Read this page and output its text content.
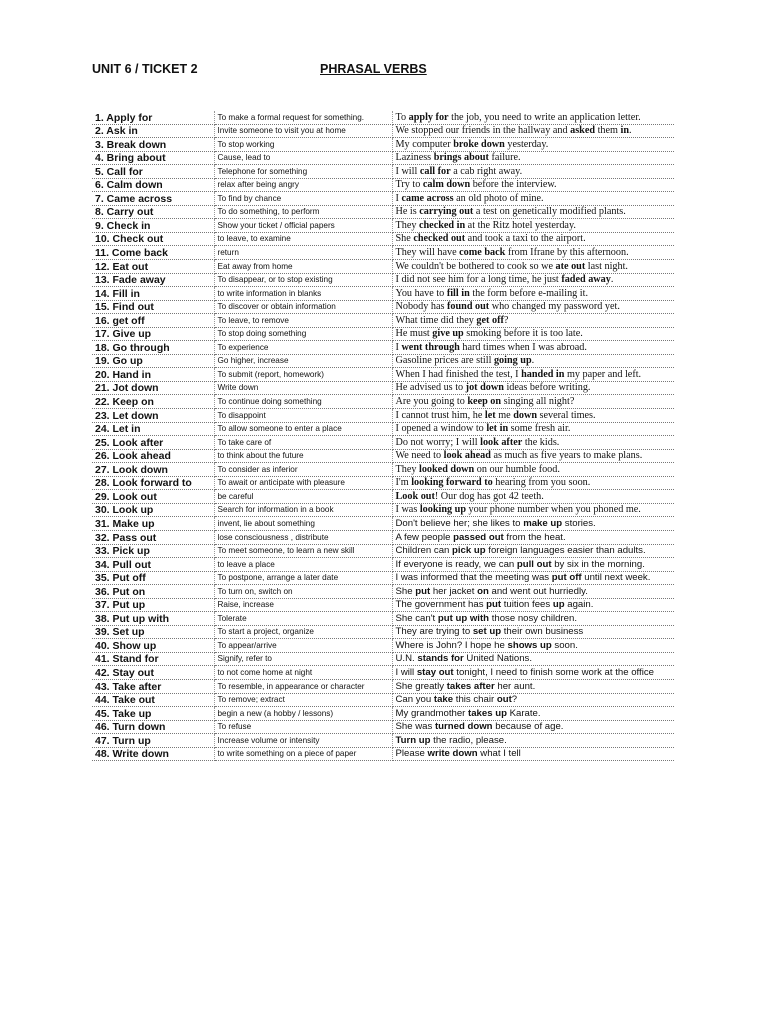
UNIT 6 / TICKET 2	PHRASAL VERBS
1. Apply for	To make a formal request for something.	To apply for the job, you need to write an application letter.
2. Ask in	Invite someone to visit you at home	We stopped our friends in the hallway and asked them in.
3. Break down	To stop working	My computer broke down yesterday.
4. Bring about	Cause, lead to	Laziness brings about failure.
5. Call for	Telephone for something	I will call for a cab right away.
6. Calm down	relax after being angry	Try to calm down before the interview.
7. Came across	To find by chance	I came across an old photo of mine.
8. Carry out	To do something, to perform	He is carrying out a test on genetically modified plants.
9. Check in	Show your ticket / official papers	They checked in at the Ritz hotel yesterday.
10. Check out	to leave, to examine	She checked out and took a taxi to the airport.
11. Come back	return	They will have come back from Ifrane by this afternoon.
12. Eat out	Eat away from home	We couldn't be bothered to cook so we ate out last night.
13. Fade away	To disappear, or to stop existing	I did not see him for a long time, he just faded away.
14. Fill in	to write information in blanks	You have to fill in the form before e-mailing it.
15. Find out	To discover or obtain information	Nobody has found out who changed my password yet.
16. get off	To leave, to remove	What time did they get off?
17. Give up	To stop doing something	He must give up smoking before it is too late.
18. Go through	To experience	I went through hard times when I was abroad.
19. Go up	Go higher, increase	Gasoline prices are still going up.
20. Hand in	To submit (report, homework)	When I had finished the test, I handed in my paper and left.
21. Jot down	Write down	He advised us to jot down ideas before writing.
22. Keep on	To continue doing something	Are you going to keep on singing all night?
23. Let down	To disappoint	I cannot trust him, he let me down several times.
24. Let in	To allow someone to enter a place	I opened a window to let in some fresh air.
25. Look after	To take care of	Do not worry; I will look after the kids.
26. Look ahead	to think about the future	We need to look ahead as much as five years to make plans.
27. Look down	To consider as inferior	They looked down on our humble food.
28. Look forward to	To await or anticipate with pleasure	I'm looking forward to hearing from you soon.
29. Look out	be careful	Look out! Our dog has got 42 teeth.
30. Look up	Search for information in a book	I was looking up your phone number when you phoned me.
31. Make up	invent, lie about something	Don't believe her; she likes to make up stories.
32. Pass out	lose consciousness , distribute	A few people passed out from the heat.
33. Pick up	To meet someone, to learn a new skill	Children can pick up foreign languages easier than adults.
34. Pull out	to leave a place	If everyone is ready, we can pull out by six in the morning.
35. Put off	To postpone, arrange a later date	I was informed that the meeting was put off until next week.
36. Put on	To turn on, switch on	She put her jacket on and went out hurriedly.
37. Put up	Raise, increase	The government has put tuition fees up again.
38. Put up with	Tolerate	She can't put up with those nosy children.
39. Set up	To start a project, organize	They are trying to set up their own business
40. Show up	To appear/arrive	Where is John? I hope he shows up soon.
41. Stand for	Signify, refer to	U.N. stands for United Nations.
42. Stay out	to not come home at night	I will stay out tonight, I need to finish some work at the office
43. Take after	To resemble, in appearance or character	She greatly takes after her aunt.
44. Take out	To remove; extract	Can you take this chair out?
45. Take up	begin a new (a hobby / lessons)	My grandmother takes up Karate.
46. Turn down	To refuse	She was turned down because of age.
47. Turn up	Increase volume or intensity	Turn up the radio, please.
48. Write down	to write something on a piece of paper	Please write down what I tell
